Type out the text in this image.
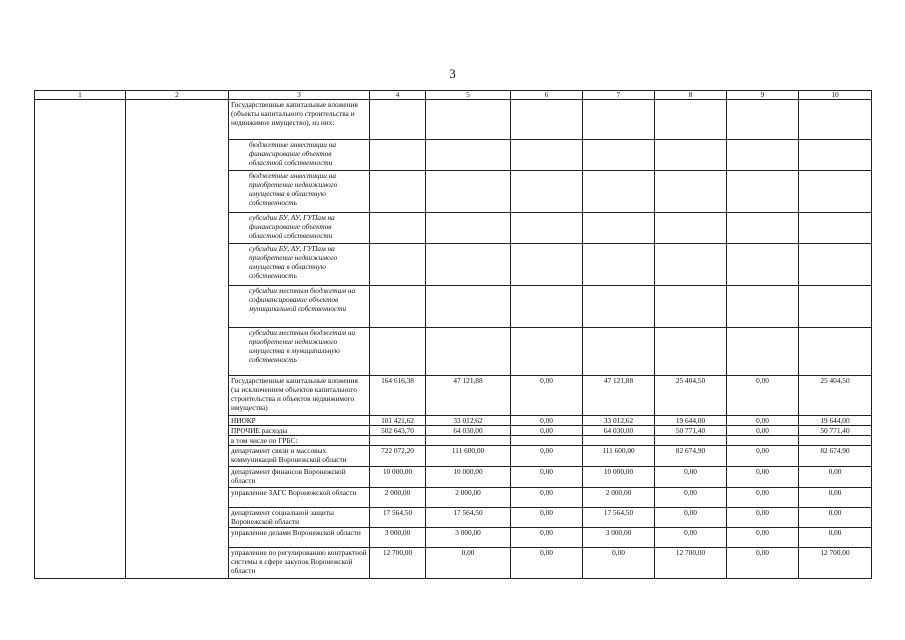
3
1	2	3	4	5	6	7	8	9	10
		Государственные капитальные вложения (объекты капитального строительства и недвижимое имущество), из них:							
		бюджетные инвестиции на финансирование объектов областной собственности							
		бюджетные инвестиции на приобретение недвижимого имущества в областную собственность							
		субсидии БУ, АУ, ГУПам на финансирование объектов областной собственности							
		субсидии БУ, АУ, ГУПам на приобретение недвижимого имущества в областную собственность							
		субсидии местным бюджетам на софинансирование объектов муниципальной собственности							
		субсидии местным бюджетам на приобретение недвижимого имущества в муниципальную собственность							
		Государственные капитальные вложения (за исключением объектов капитального строительства и объектов недвижимого имущества)	164 616,38	47 121,88	0,00	47 121,88	25 404,50	0,00	25 404,50
		НИОКР	101 421,62	33 012,62	0,00	33 012,62	19 644,00	0,00	19 644,00
		ПРОЧИЕ расходы	502 643,70	64 030,00	0,00	64 030,00	50 771,40	0,00	50 771,40
		в том числе по ГРБС:							
		департамент связи и массовых коммуникаций Воронежской области	722 072,20	111 600,00	0,00	111 600,00	82 674,90	0,00	82 674,90
		департамент финансов Воронежской области	10 000,00	10 000,00	0,00	10 000,00	0,00	0,00	0,00
		управление ЗАГС Воронежской области	2 000,00	2 000,00	0,00	2 000,00	0,00	0,00	0,00
		департамент социальной защиты Воронежской области	17 564,50	17 564,50	0,00	17 564,50	0,00	0,00	0,00
		управление делами Воронежской области	3 000,00	3 000,00	0,00	3 000,00	0,00	0,00	0,00
		управление по регулированию контрактной системы в сфере закупок Воронежской области	12 700,00	0,00	0,00	0,00	12 700,00	0,00	12 700,00
